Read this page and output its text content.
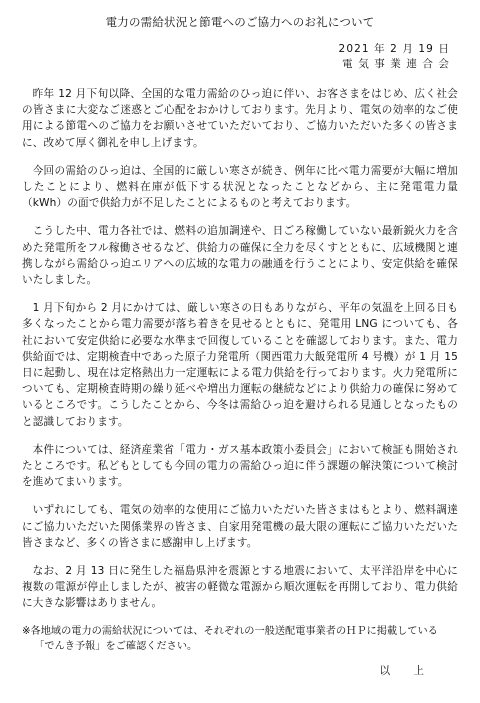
電力の需給状況と節電へのご協力へのお礼について
2021 年 2 月 19 日
電 気 事 業 連 合 会

昨年 12 月下旬以降、全国的な電力需給のひっ迫に伴い、お客さまをはじめ、広く社会の皆さまに大変なご迷惑とご心配をおかけしております。先月より、電気の効率的なご使用による節電へのご協力をお願いさせていただいており、ご協力いただいた多くの皆さまに、改めて厚く御礼を申し上げます。

今回の需給のひっ迫は、全国的に厳しい寒さが続き、例年に比べ電力需要が大幅に増加したことにより、燃料在庫が低下する状況となったことなどから、主に発電電力量（kWh）の面で供給力が不足したことによるものと考えております。

こうした中、電力各社では、燃料の追加調達や、日ごろ稼働していない最新鋭火力を含めた発電所をフル稼働させるなど、供給力の確保に全力を尽くすとともに、広域機関と連携しながら需給ひっ迫エリアへの広域的な電力の融通を行うことにより、安定供給を確保いたしました。

1 月下旬から 2 月にかけては、厳しい寒さの日もありながら、平年の気温を上回る日も多くなったことから電力需要が落ち着きを見せるとともに、発電用 LNG についても、各社において安定供給に必要な水準まで回復していることを確認しております。また、電力供給面では、定期検査中であった原子力発電所（関西電力大飯発電所 4 号機）が 1 月 15 日に起動し、現在は定格熱出力一定運転による電力供給を行っております。火力発電所についても、定期検査時期の繰り延べや増出力運転の継続などにより供給力の確保に努めているところです。こうしたことから、今冬は需給ひっ迫を避けられる見通しとなったものと認識しております。

本件については、経済産業省「電力・ガス基本政策小委員会」において検証も開始されたところです。私どもとしても今回の電力の需給ひっ迫に伴う課題の解決策について検討を進めてまいります。

いずれにしても、電気の効率的な使用にご協力いただいた皆さまはもとより、燃料調達にご協力いただいた関係業界の皆さま、自家用発電機の最大限の運転にご協力いただいた皆さまなど、多くの皆さまに感謝申し上げます。

なお、2 月 13 日に発生した福島県沖を震源とする地震において、太平洋沿岸を中心に複数の電源が停止しましたが、被害の軽微な電源から順次運転を再開しており、電力供給に大きな影響はありません。

※各地域の電力の需給状況については、それぞれの一般送配電事業者のＨＰに掲載している「でんき予報」をご確認ください。

以 上
